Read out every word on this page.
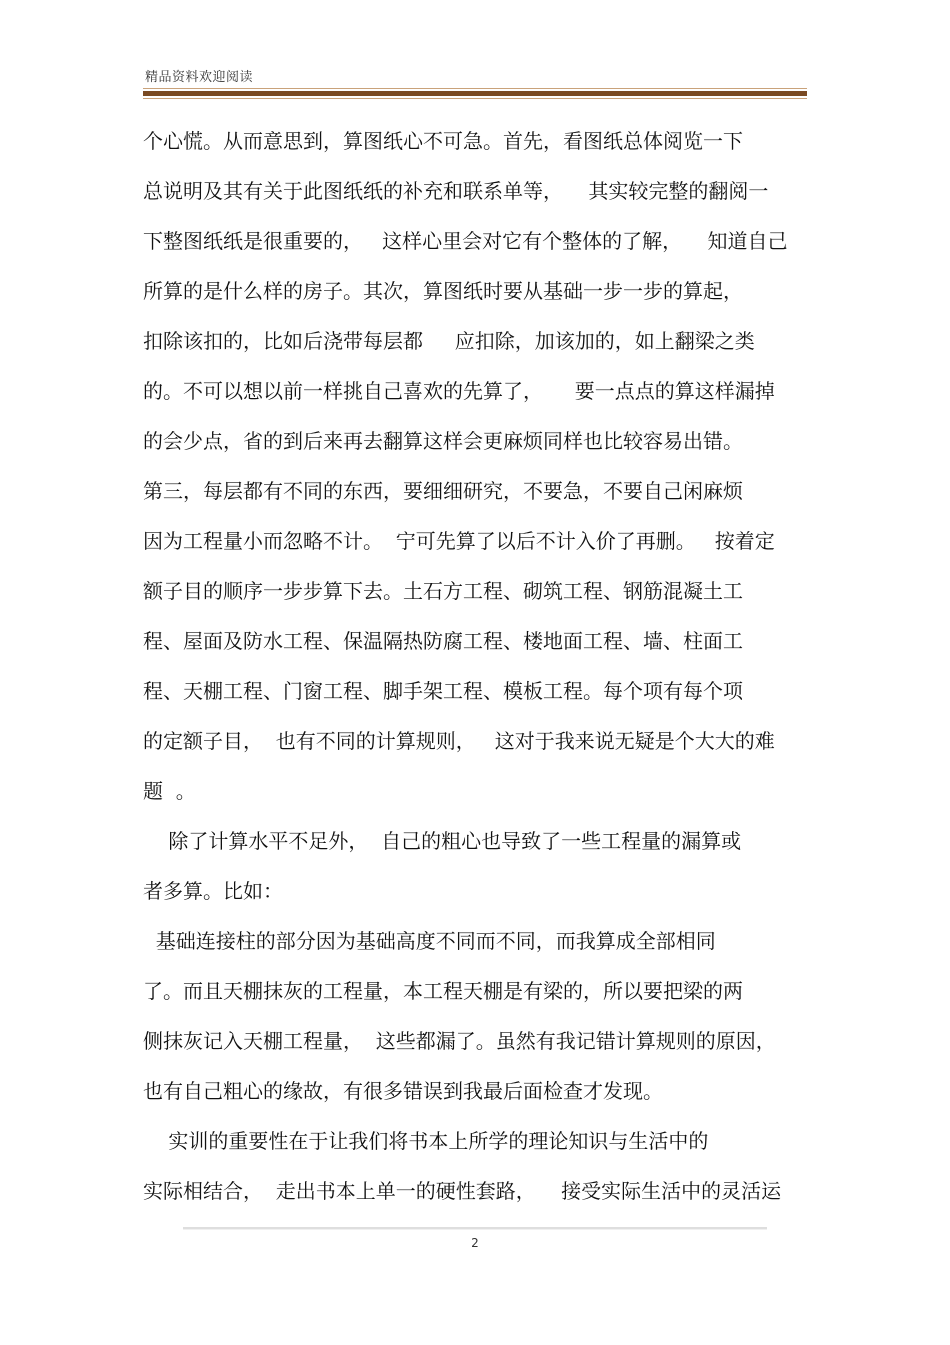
精品资料欢迎阅读
个心慌。从而意思到，算图纸心不可急。首先，看图纸总体阅览一下
总说明及其有关于此图纸纸的补充和联系单等，    其实较完整的翻阅一
下整图纸纸是很重要的，   这样心里会对它有个整体的了解，    知道自己
所算的是什么样的房子。其次，算图纸时要从基础一步一步的算起，
扣除该扣的，比如后浇带每层都     应扣除，加该加的，如上翻梁之类
的。不可以想以前一样挑自己喜欢的先算了，     要一点点的算这样漏掉
的会少点，省的到后来再去翻算这样会更麻烦同样也比较容易出错。
第三，每层都有不同的东西，要细细研究，不要急，不要自己闲麻烦
因为工程量小而忽略不计。  宁可先算了以后不计入价了再删。   按着定
额子目的顺序一步步算下去。土石方工程、砌筑工程、钢筋混凝土工
程、屋面及防水工程、保温隔热防腐工程、楼地面工程、墙、柱面工
程、天棚工程、门窗工程、脚手架工程、模板工程。每个项有每个项
的定额子目，  也有不同的计算规则，   这对于我来说无疑是个大大的难
题  。
除了计算水平不足外，  自己的粗心也导致了一些工程量的漏算或
者多算。比如：
基础连接柱的部分因为基础高度不同而不同，而我算成全部相同
了。而且天棚抹灰的工程量，本工程天棚是有梁的，所以要把梁的两
侧抹灰记入天棚工程量，  这些都漏了。虽然有我记错计算规则的原因，
也有自己粗心的缘故，有很多错误到我最后面检查才发现。
实训的重要性在于让我们将书本上所学的理论知识与生活中的
实际相结合，  走出书本上单一的硬性套路，    接受实际生活中的灵活运
2
